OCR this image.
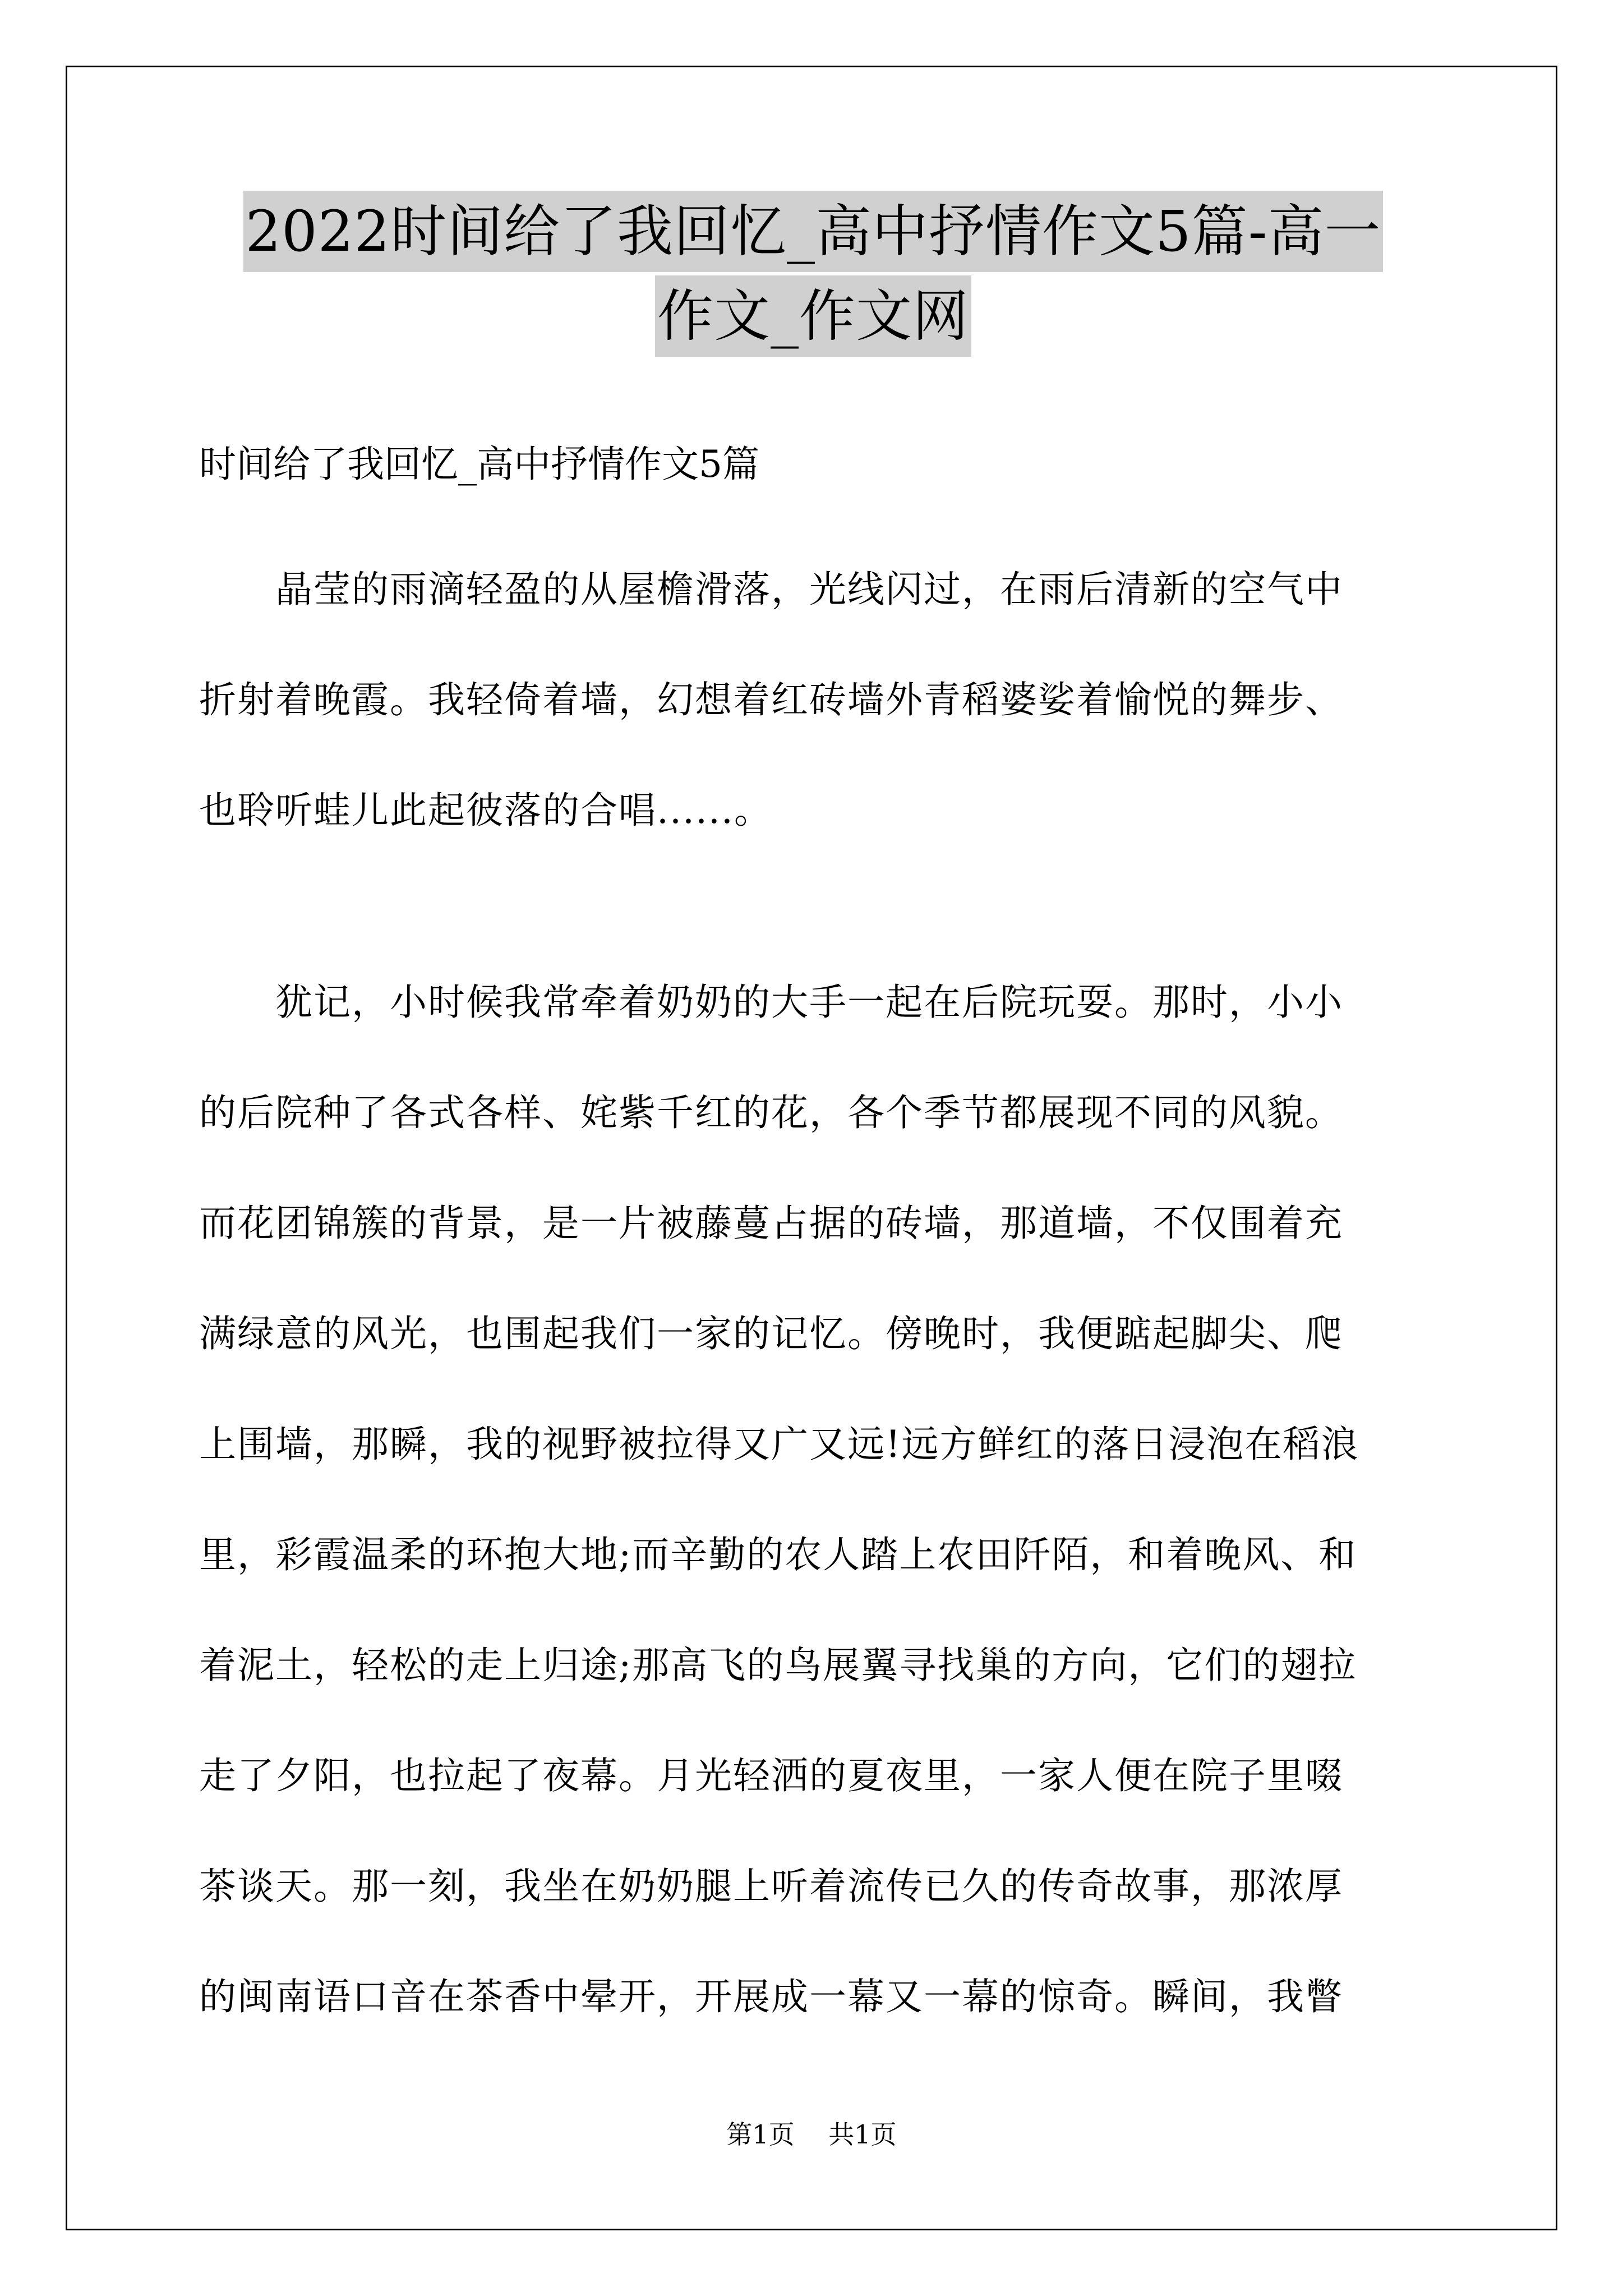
2022时间给了我回忆_高中抒情作文5篇-高一
作文_作文网
时间给了我回忆_高中抒情作文5篇

　　晶莹的雨滴轻盈的从屋檐滑落，光线闪过，在雨后清新的空气中
折射着晚霞。我轻倚着墙，幻想着红砖墙外青稻婆娑着愉悦的舞步、
也聆听蛙儿此起彼落的合唱......。

　　犹记，小时候我常牵着奶奶的大手一起在后院玩耍。那时，小小
的后院种了各式各样、姹紫千红的花，各个季节都展现不同的风貌。
而花团锦簇的背景，是一片被藤蔓占据的砖墙，那道墙，不仅围着充
满绿意的风光，也围起我们一家的记忆。傍晚时，我便踮起脚尖、爬
上围墙，那瞬，我的视野被拉得又广又远!远方鲜红的落日浸泡在稻浪
里，彩霞温柔的环抱大地;而辛勤的农人踏上农田阡陌，和着晚风、和
着泥土，轻松的走上归途;那高飞的鸟展翼寻找巢的方向，它们的翅拉
走了夕阳，也拉起了夜幕。月光轻洒的夏夜里，一家人便在院子里啜
茶谈天。那一刻，我坐在奶奶腿上听着流传已久的传奇故事，那浓厚
的闽南语口音在茶香中晕开，开展成一幕又一幕的惊奇。瞬间，我瞥

第1页　 共1页
